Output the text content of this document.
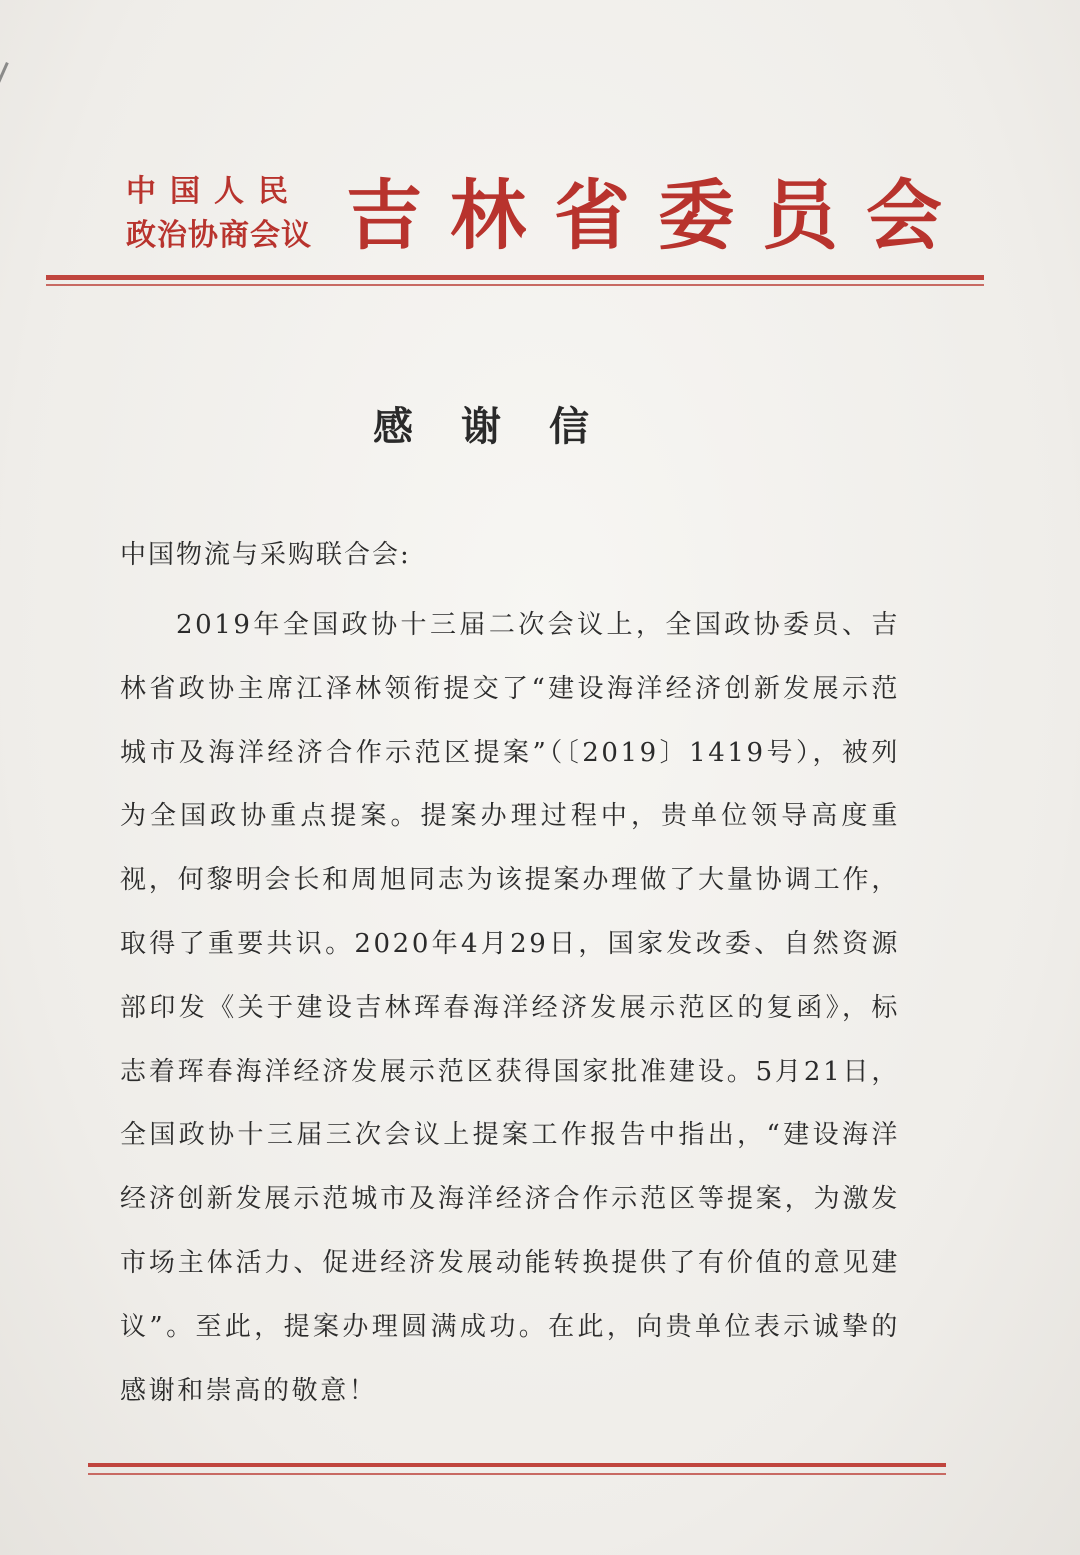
中国人民
政治协商会议 吉林省委员会
感谢信
中国物流与采购联合会:

2019年全国政协十三届二次会议上，全国政协委员、吉林省政协主席江泽林领衔提交了“建设海洋经济创新发展示范城市及海洋经济合作示范区提案”（〔2019〕1419号），被列为全国政协重点提案。提案办理过程中，贵单位领导高度重视，何黎明会长和周旭同志为该提案办理做了大量协调工作，取得了重要共识。2020年4月29日，国家发改委、自然资源部印发《关于建设吉林珲春海洋经济发展示范区的复函》，标志着珲春海洋经济发展示范区获得国家批准建设。5月21日，全国政协十三届三次会议上提案工作报告中指出，“建设海洋经济创新发展示范城市及海洋经济合作示范区等提案，为激发市场主体活力、促进经济发展动能转换提供了有价值的意见建议”。至此，提案办理圆满成功。在此，向贵单位表示诚挚的感谢和崇高的敬意！
